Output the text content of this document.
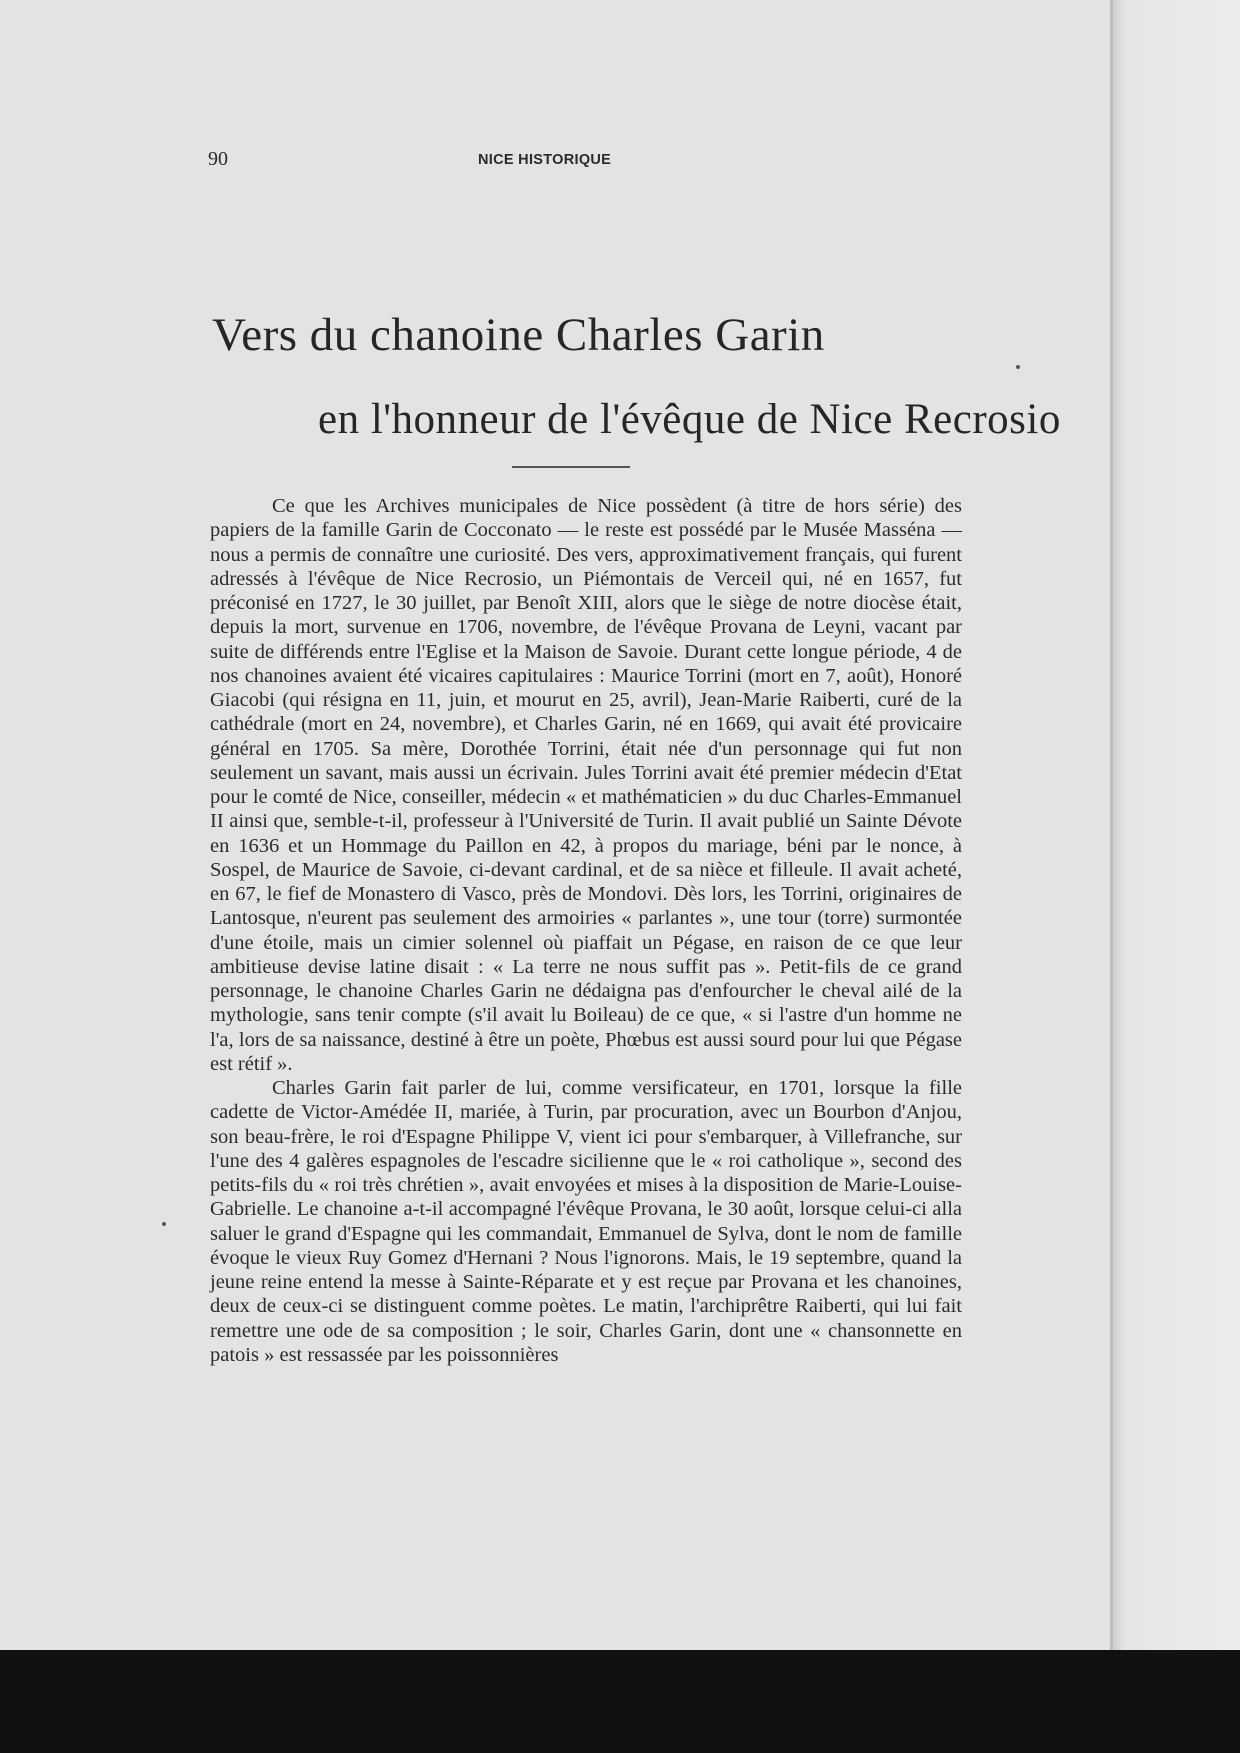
90	NICE HISTORIQUE
Vers du chanoine Charles Garin
en l'honneur de l'évêque de Nice Recrosio

Ce que les Archives municipales de Nice possèdent (à titre de hors série) des papiers de la famille Garin de Cocconato — le reste est possédé par le Musée Masséna — nous a permis de connaître une curiosité. Des vers, approximativement français, qui furent adressés à l'évêque de Nice Recrosio, un Piémontais de Verceil qui, né en 1657, fut préconisé en 1727, le 30 juillet, par Benoît XIII, alors que le siège de notre diocèse était, depuis la mort, survenue en 1706, novembre, de l'évêque Provana de Leyni, vacant par suite de différends entre l'Eglise et la Maison de Savoie. Durant cette longue période, 4 de nos chanoines avaient été vicaires capitulaires : Maurice Torrini (mort en 7, août), Honoré Giacobi (qui résigna en 11, juin, et mourut en 25, avril), Jean-Marie Raiberti, curé de la cathédrale (mort en 24, novembre), et Charles Garin, né en 1669, qui avait été provicaire général en 1705. Sa mère, Dorothée Torrini, était née d'un personnage qui fut non seulement un savant, mais aussi un écrivain. Jules Torrini avait été premier médecin d'Etat pour le comté de Nice, conseiller, médecin « et mathématicien » du duc Charles-Emmanuel II ainsi que, semble-t-il, professeur à l'Université de Turin. Il avait publié un Sainte Dévote en 1636 et un Hommage du Paillon en 42, à propos du mariage, béni par le nonce, à Sospel, de Maurice de Savoie, ci-devant cardinal, et de sa nièce et filleule. Il avait acheté, en 67, le fief de Monastero di Vasco, près de Mondovi. Dès lors, les Torrini, originaires de Lantosque, n'eurent pas seulement des armoiries « parlantes », une tour (torre) surmontée d'une étoile, mais un cimier solennel où piaffait un Pégase, en raison de ce que leur ambitieuse devise latine disait : « La terre ne nous suffit pas ». Petit-fils de ce grand personnage, le chanoine Charles Garin ne dédaigna pas d'enfourcher le cheval ailé de la mythologie, sans tenir compte (s'il avait lu Boileau) de ce que, « si l'astre d'un homme ne l'a, lors de sa naissance, destiné à être un poète, Phœbus est aussi sourd pour lui que Pégase est rétif ».

Charles Garin fait parler de lui, comme versificateur, en 1701, lorsque la fille cadette de Victor-Amédée II, mariée, à Turin, par procuration, avec un Bourbon d'Anjou, son beau-frère, le roi d'Espagne Philippe V, vient ici pour s'embarquer, à Villefranche, sur l'une des 4 galères espagnoles de l'escadre sicilienne que le « roi catholique », second des petits-fils du « roi très chrétien », avait envoyées et mises à la disposition de Marie-Louise-Gabrielle. Le chanoine a-t-il accompagné l'évêque Provana, le 30 août, lorsque celui-ci alla saluer le grand d'Espagne qui les commandait, Emmanuel de Sylva, dont le nom de famille évoque le vieux Ruy Gomez d'Hernani ? Nous l'ignorons. Mais, le 19 septembre, quand la jeune reine entend la messe à Sainte-Réparate et y est reçue par Provana et les chanoines, deux de ceux-ci se distinguent comme poètes. Le matin, l'archiprêtre Raiberti, qui lui fait remettre une ode de sa composition ; le soir, Charles Garin, dont une « chansonnette en patois » est ressassée par les poissonnières
